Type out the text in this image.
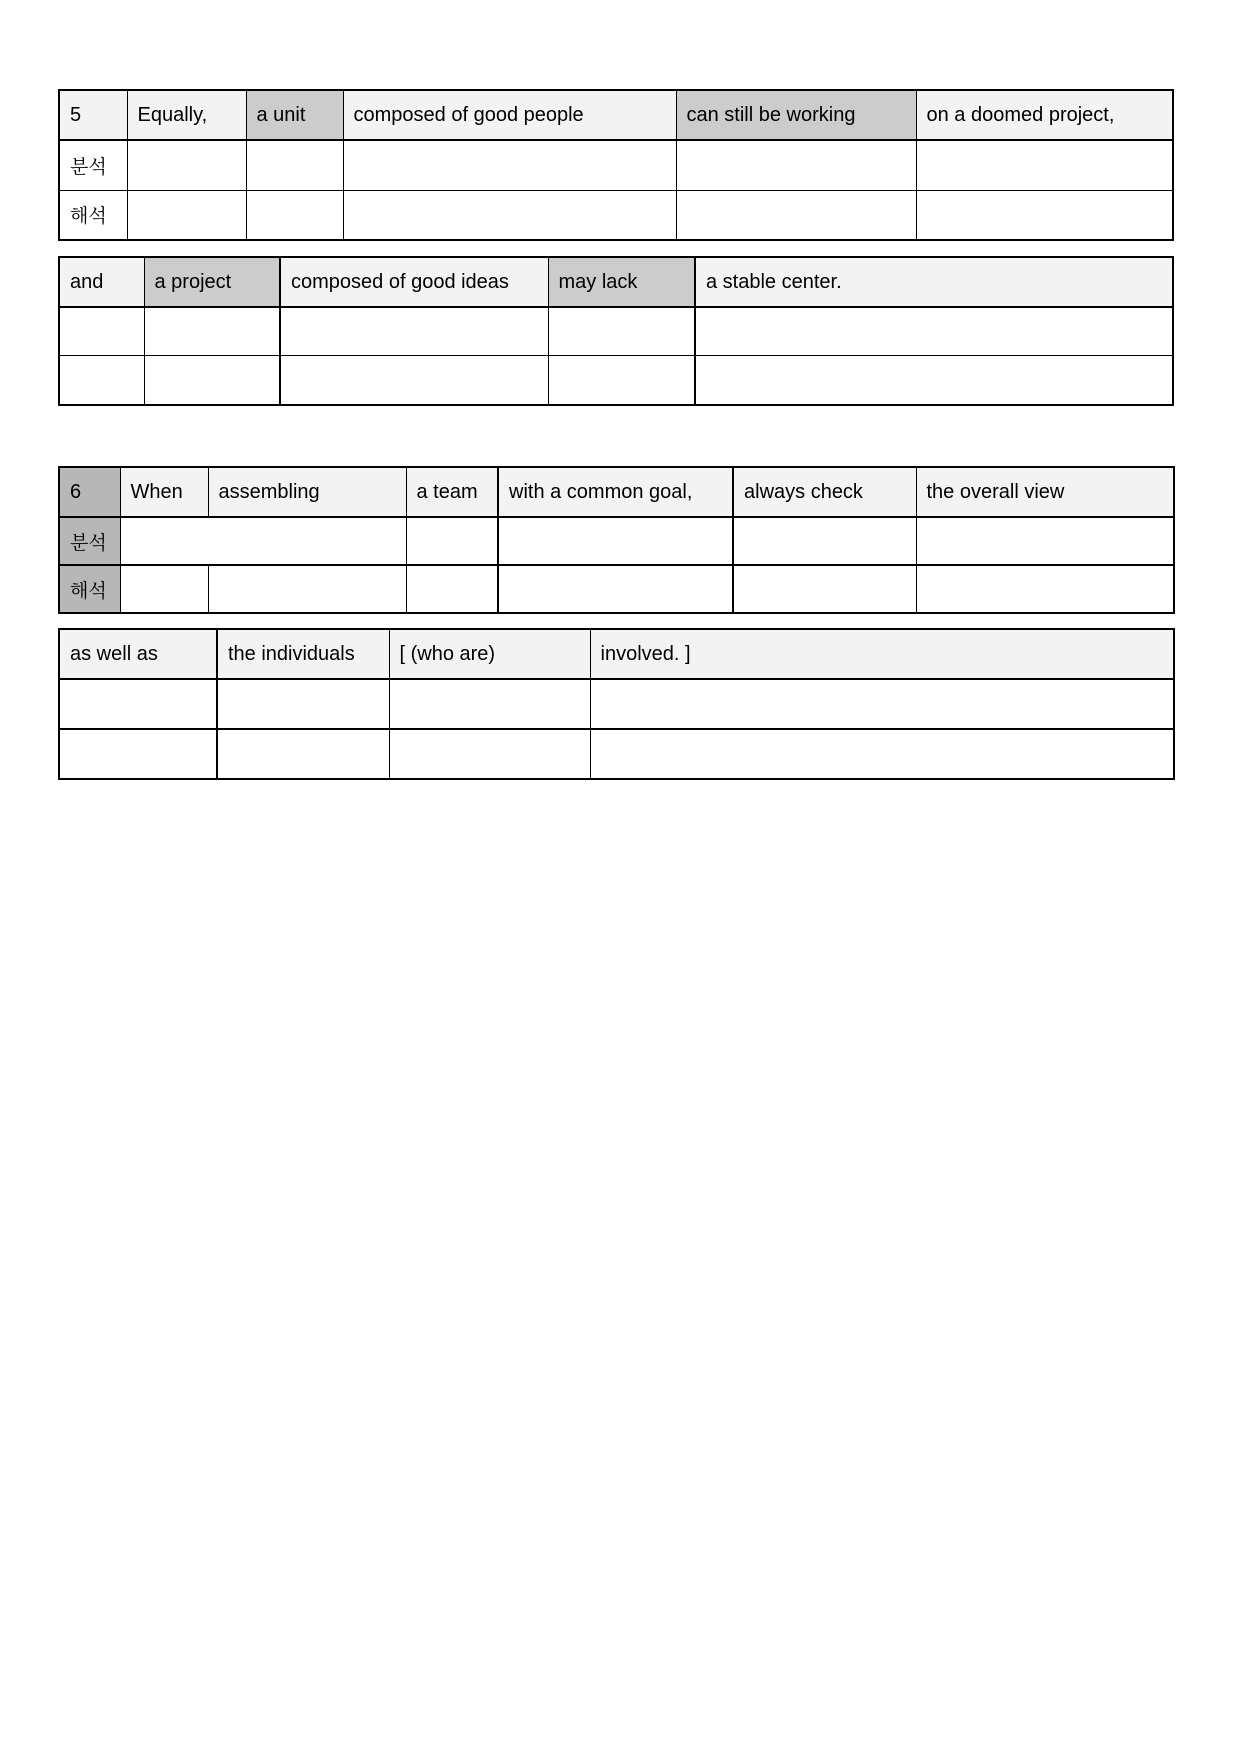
5	Equally,	a unit	composed of good people	can still be working	on a doomed project,
분석					
해석					
and	a project	composed of good ideas	may lack	a stable center.

6	When	assembling	a team	with a common goal,	always check	the overall view
분석						
해석						
as well as	the individuals	[ (who are)	involved. ]
